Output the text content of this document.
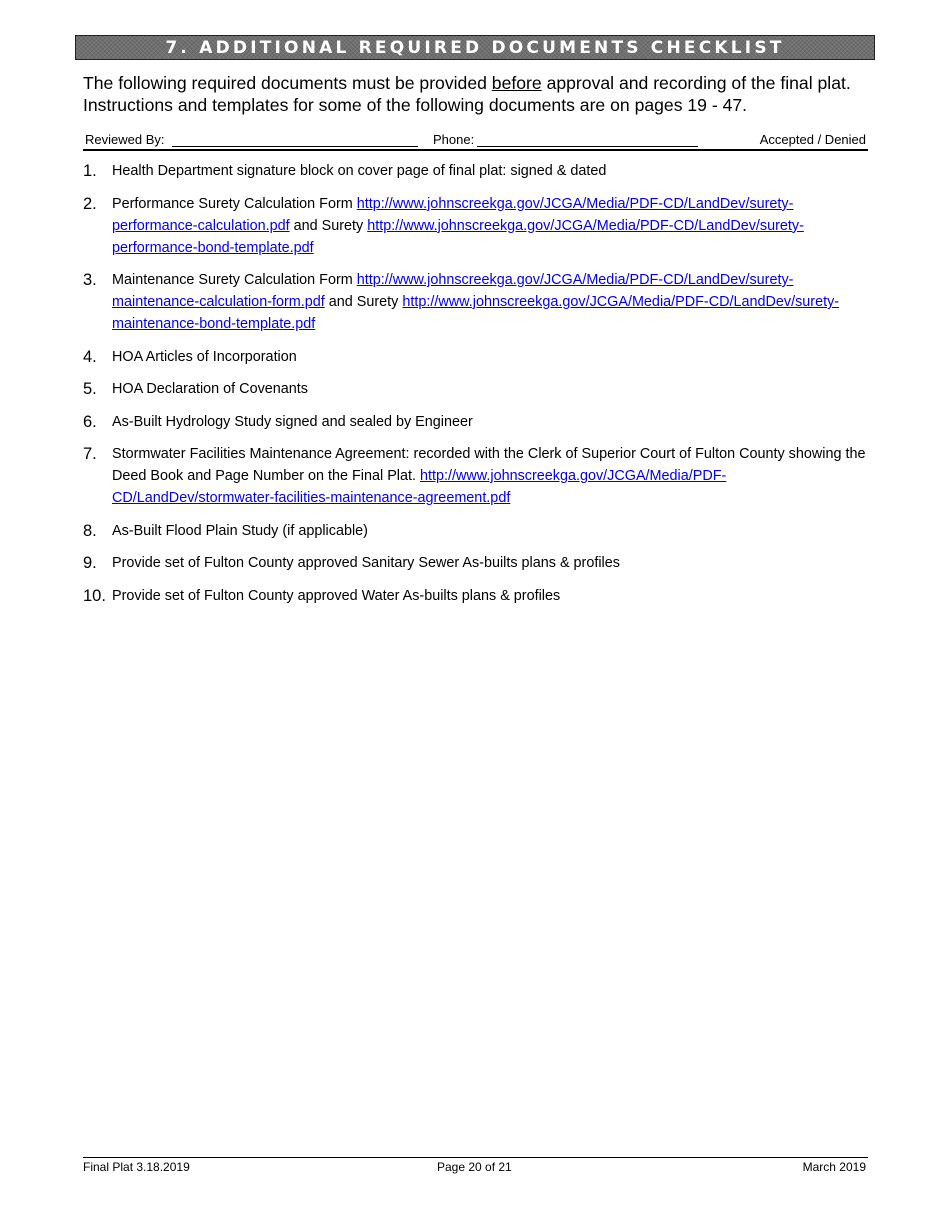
7. ADDITIONAL REQUIRED DOCUMENTS CHECKLIST

The following required documents must be provided before approval and recording of the final plat. Instructions and templates for some of the following documents are on pages 19 - 47.

Reviewed By:	Phone:	Accepted / Denied
1. Health Department signature block on cover page of final plat: signed & dated
2. Performance Surety Calculation Form http://www.johnscreekga.gov/JCGA/Media/PDF-CD/LandDev/surety-performance-calculation.pdf and Surety http://www.johnscreekga.gov/JCGA/Media/PDF-CD/LandDev/surety-performance-bond-template.pdf
3. Maintenance Surety Calculation Form http://www.johnscreekga.gov/JCGA/Media/PDF-CD/LandDev/surety-maintenance-calculation-form.pdf and Surety http://www.johnscreekga.gov/JCGA/Media/PDF-CD/LandDev/surety-maintenance-bond-template.pdf
4. HOA Articles of Incorporation
5. HOA Declaration of Covenants
6. As-Built Hydrology Study signed and sealed by Engineer
7. Stormwater Facilities Maintenance Agreement: recorded with the Clerk of Superior Court of Fulton County showing the Deed Book and Page Number on the Final Plat. http://www.johnscreekga.gov/JCGA/Media/PDF-CD/LandDev/stormwater-facilities-maintenance-agreement.pdf
8. As-Built Flood Plain Study (if applicable)
9. Provide set of Fulton County approved Sanitary Sewer As-builts plans & profiles
10. Provide set of Fulton County approved Water As-builts plans & profiles
Final Plat 3.18.2019	Page 20 of 21	March 2019
